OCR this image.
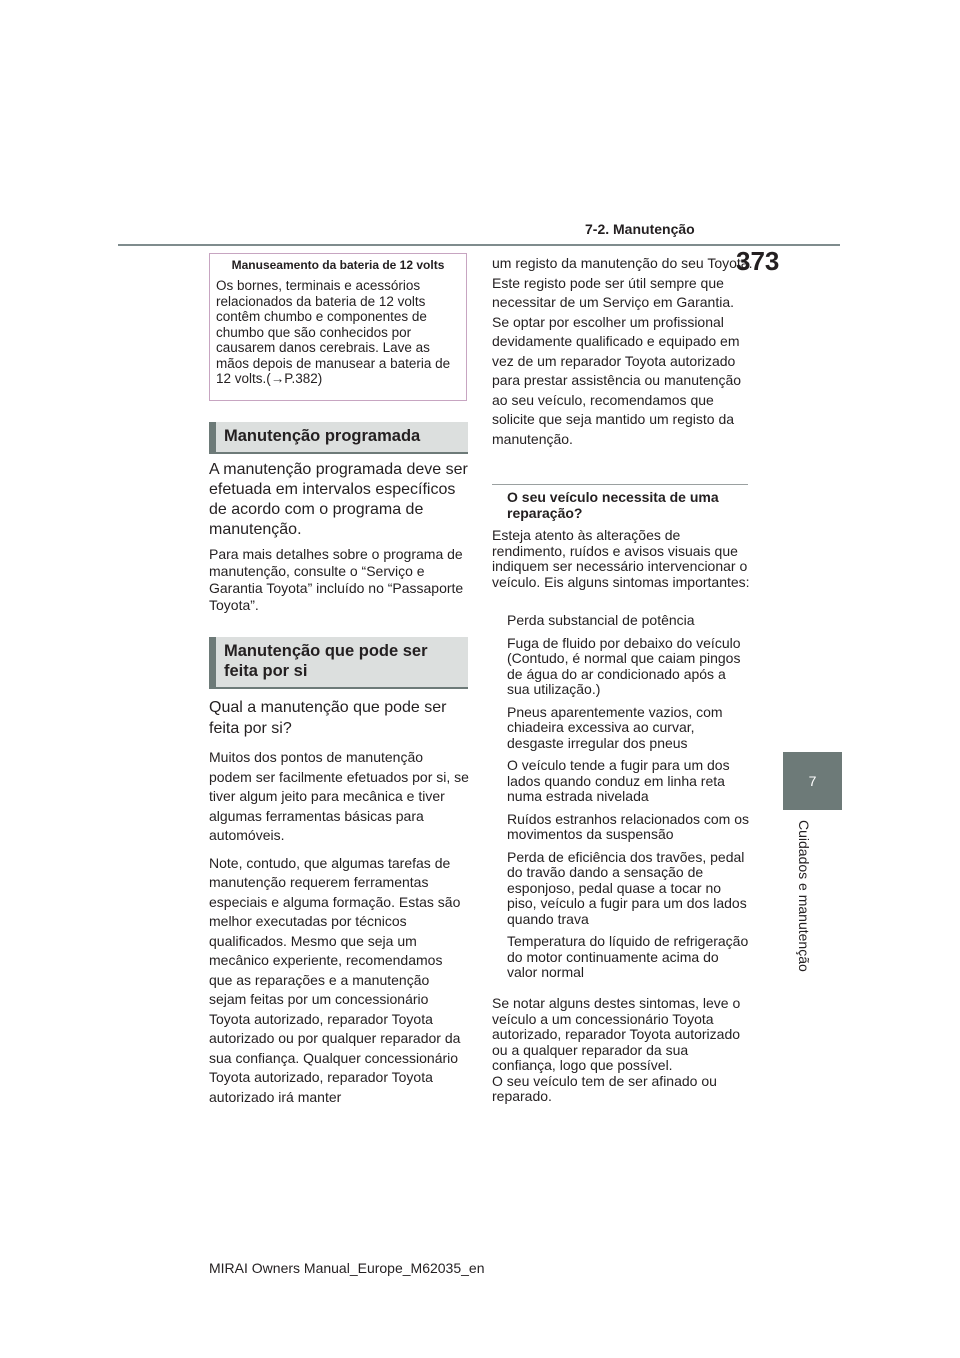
7-2. Manutenção
373
7
Cuidados e manutenção
Manuseamento da bateria de 12 volts
Os bornes, terminais e acessórios relacionados da bateria de 12 volts contêm chumbo e componentes de chumbo que são conhecidos por causarem danos cerebrais. Lave as mãos depois de manusear a bateria de 12 volts.(→P.382)
Manutenção programada
A manutenção programada deve ser efetuada em intervalos específicos de acordo com o programa de manutenção.
Para mais detalhes sobre o programa de manutenção, consulte o “Serviço e Garantia Toyota” incluído no “Passaporte Toyota”.
Manutenção que pode ser feita por si
Qual a manutenção que pode ser feita por si?

Muitos dos pontos de manutenção podem ser facilmente efetuados por si, se tiver algum jeito para mecânica e tiver algumas ferramentas básicas para automóveis.

Note, contudo, que algumas tarefas de manutenção requerem ferramentas especiais e alguma formação. Estas são melhor executadas por técnicos qualificados. Mesmo que seja um mecânico experiente, recomendamos que as reparações e a manutenção sejam feitas por um concessionário Toyota autorizado, reparador Toyota autorizado ou por qualquer reparador da sua confiança. Qualquer concessionário Toyota autorizado, reparador Toyota autorizado irá manter

um registo da manutenção do seu Toyota. Este registo pode ser útil sempre que necessitar de um Serviço em Garantia. Se optar por escolher um profissional devidamente qualificado e equipado em vez de um reparador Toyota autorizado para prestar assistência ou manutenção ao seu veículo, recomendamos que solicite que seja mantido um registo da manutenção.
O seu veículo necessita de uma reparação?
Esteja atento às alterações de rendimento, ruídos e avisos visuais que indiquem ser necessário intervencionar o veículo. Eis alguns sintomas importantes:
Perda substancial de potência
Fuga de fluido por debaixo do veículo (Contudo, é normal que caiam pingos de água do ar condicionado após a sua utilização.)
Pneus aparentemente vazios, com chiadeira excessiva ao curvar, desgaste irregular dos pneus
O veículo tende a fugir para um dos lados quando conduz em linha reta numa estrada nivelada
Ruídos estranhos relacionados com os movimentos da suspensão
Perda de eficiência dos travões, pedal do travão dando a sensação de esponjoso, pedal quase a tocar no piso, veículo a fugir para um dos lados quando trava
Temperatura do líquido de refrigeração do motor continuamente acima do valor normal
Se notar alguns destes sintomas, leve o veículo a um concessionário Toyota autorizado, reparador Toyota autorizado ou a qualquer reparador da sua confiança, logo que possível.
O seu veículo tem de ser afinado ou reparado.
MIRAI Owners Manual_Europe_M62035_en
